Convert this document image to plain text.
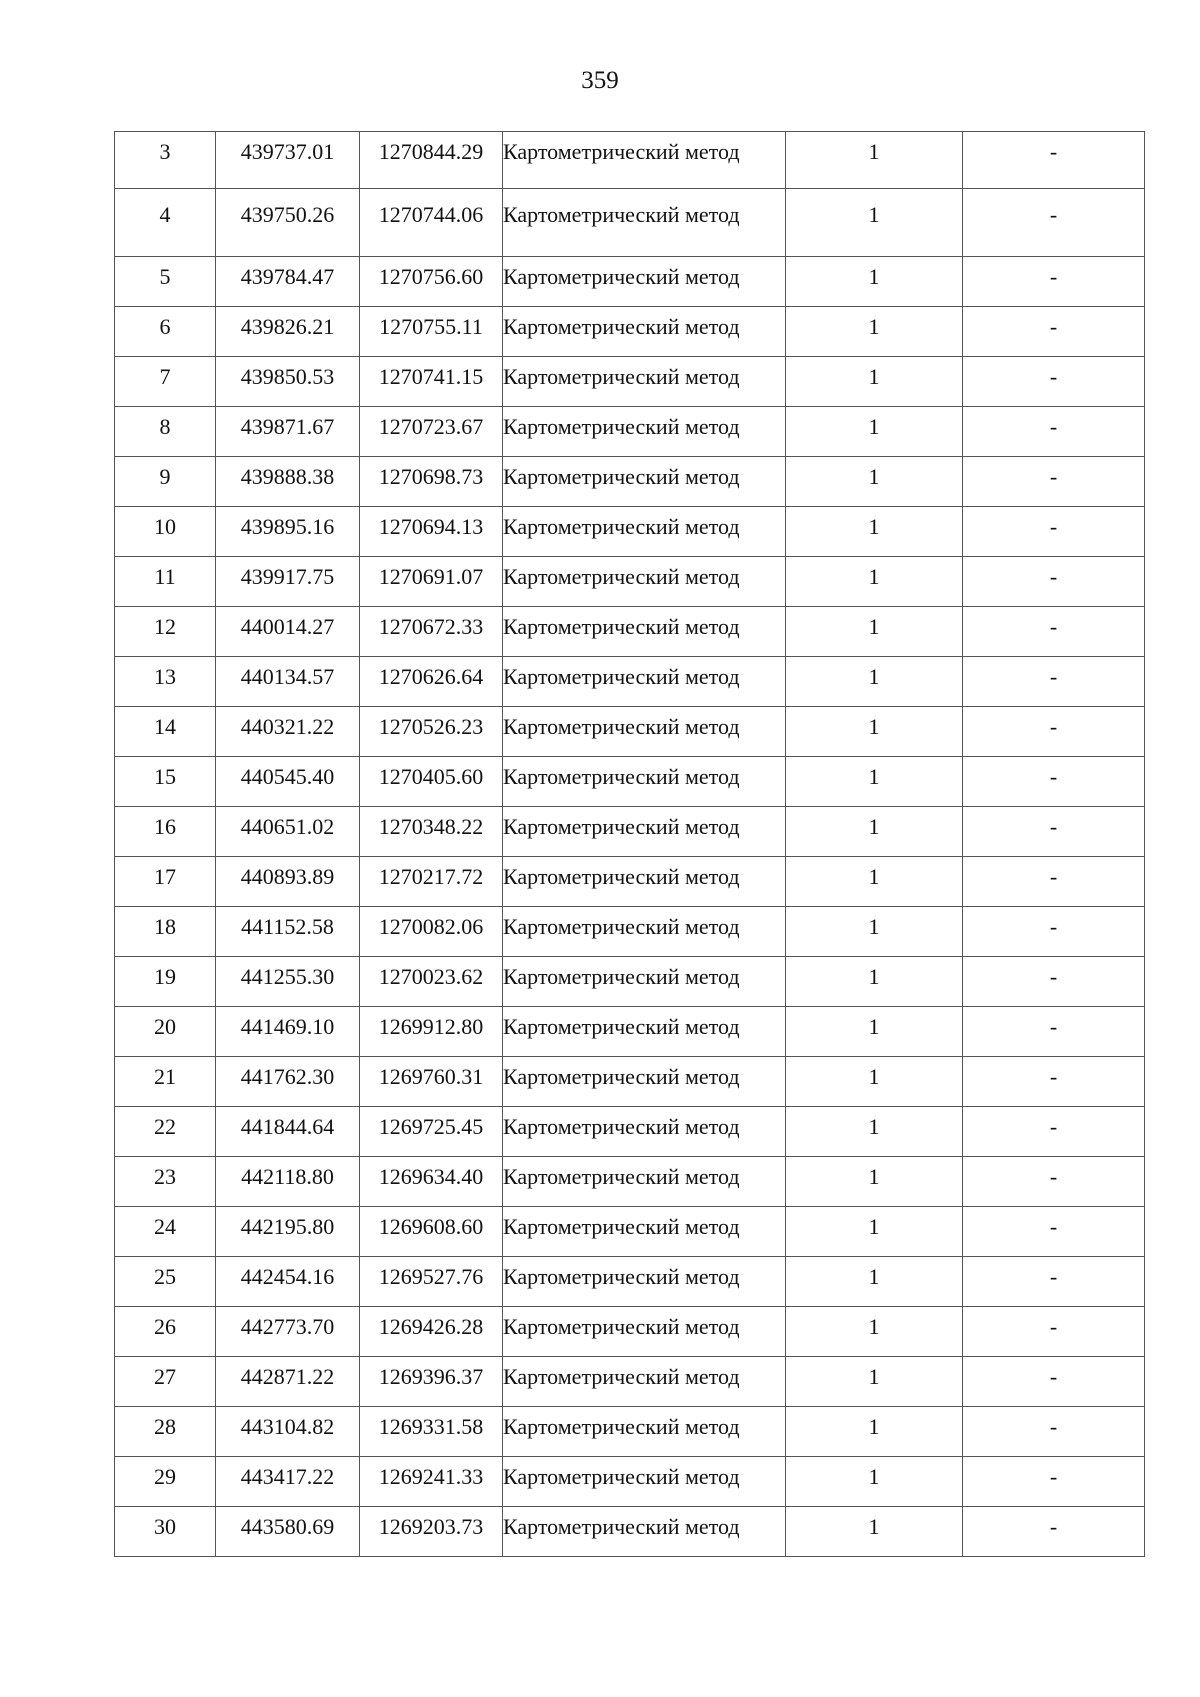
359
3	439737.01	1270844.29	Картометрический метод	1	-
4	439750.26	1270744.06	Картометрический метод	1	-
5	439784.47	1270756.60	Картометрический метод	1	-
6	439826.21	1270755.11	Картометрический метод	1	-
7	439850.53	1270741.15	Картометрический метод	1	-
8	439871.67	1270723.67	Картометрический метод	1	-
9	439888.38	1270698.73	Картометрический метод	1	-
10	439895.16	1270694.13	Картометрический метод	1	-
11	439917.75	1270691.07	Картометрический метод	1	-
12	440014.27	1270672.33	Картометрический метод	1	-
13	440134.57	1270626.64	Картометрический метод	1	-
14	440321.22	1270526.23	Картометрический метод	1	-
15	440545.40	1270405.60	Картометрический метод	1	-
16	440651.02	1270348.22	Картометрический метод	1	-
17	440893.89	1270217.72	Картометрический метод	1	-
18	441152.58	1270082.06	Картометрический метод	1	-
19	441255.30	1270023.62	Картометрический метод	1	-
20	441469.10	1269912.80	Картометрический метод	1	-
21	441762.30	1269760.31	Картометрический метод	1	-
22	441844.64	1269725.45	Картометрический метод	1	-
23	442118.80	1269634.40	Картометрический метод	1	-
24	442195.80	1269608.60	Картометрический метод	1	-
25	442454.16	1269527.76	Картометрический метод	1	-
26	442773.70	1269426.28	Картометрический метод	1	-
27	442871.22	1269396.37	Картометрический метод	1	-
28	443104.82	1269331.58	Картометрический метод	1	-
29	443417.22	1269241.33	Картометрический метод	1	-
30	443580.69	1269203.73	Картометрический метод	1	-
